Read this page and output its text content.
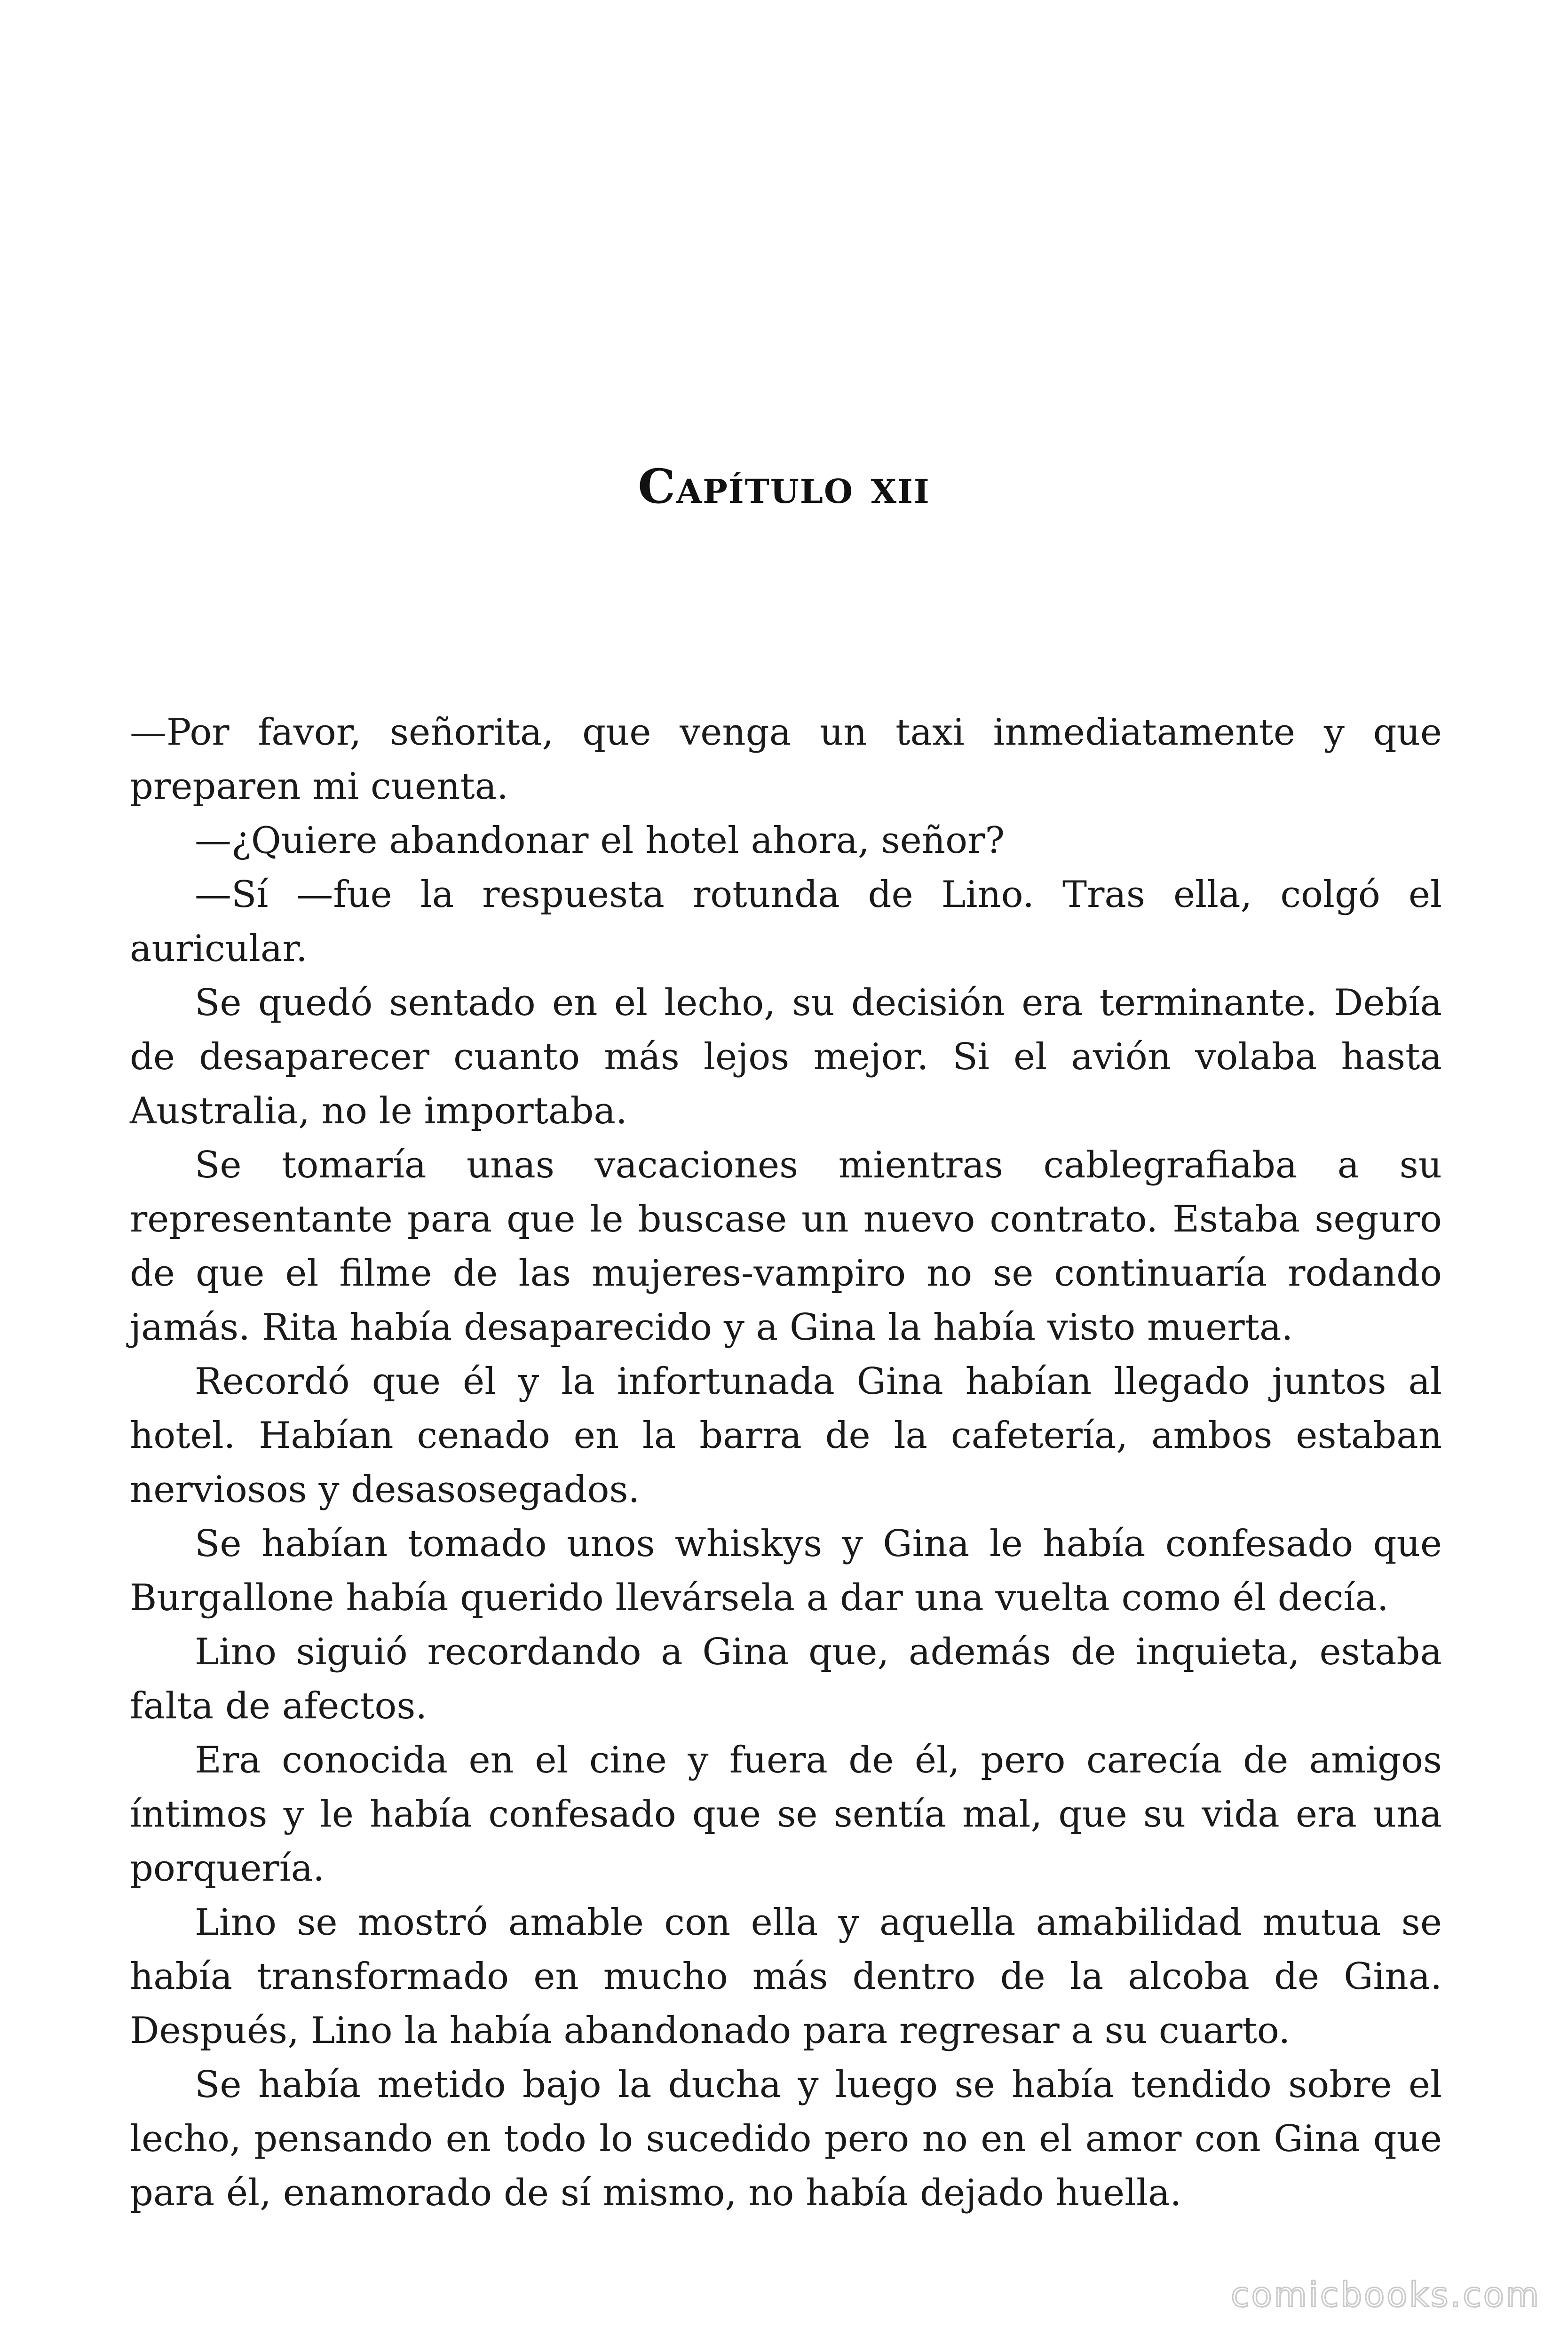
Capítulo xii

—Por favor, señorita, que venga un taxi inmediatamente y que preparen mi cuenta.

—¿Quiere abandonar el hotel ahora, señor?

—Sí —fue la respuesta rotunda de Lino. Tras ella, colgó el auricular.

Se quedó sentado en el lecho, su decisión era terminante. Debía de desaparecer cuanto más lejos mejor. Si el avión volaba hasta Australia, no le importaba.

Se tomaría unas vacaciones mientras cablegrafiaba a su representante para que le buscase un nuevo contrato. Estaba seguro de que el filme de las mujeres-vampiro no se continuaría rodando jamás. Rita había desaparecido y a Gina la había visto muerta.

Recordó que él y la infortunada Gina habían llegado juntos al hotel. Habían cenado en la barra de la cafetería, ambos estaban nerviosos y desasosegados.

Se habían tomado unos whiskys y Gina le había confesado que Burgallone había querido llevársela a dar una vuelta como él decía.

Lino siguió recordando a Gina que, además de inquieta, estaba falta de afectos.

Era conocida en el cine y fuera de él, pero carecía de amigos íntimos y le había confesado que se sentía mal, que su vida era una porquería.

Lino se mostró amable con ella y aquella amabilidad mutua se había transformado en mucho más dentro de la alcoba de Gina. Después, Lino la había abandonado para regresar a su cuarto.

Se había metido bajo la ducha y luego se había tendido sobre el lecho, pensando en todo lo sucedido pero no en el amor con Gina que para él, enamorado de sí mismo, no había dejado huella.

comicbooks.com
